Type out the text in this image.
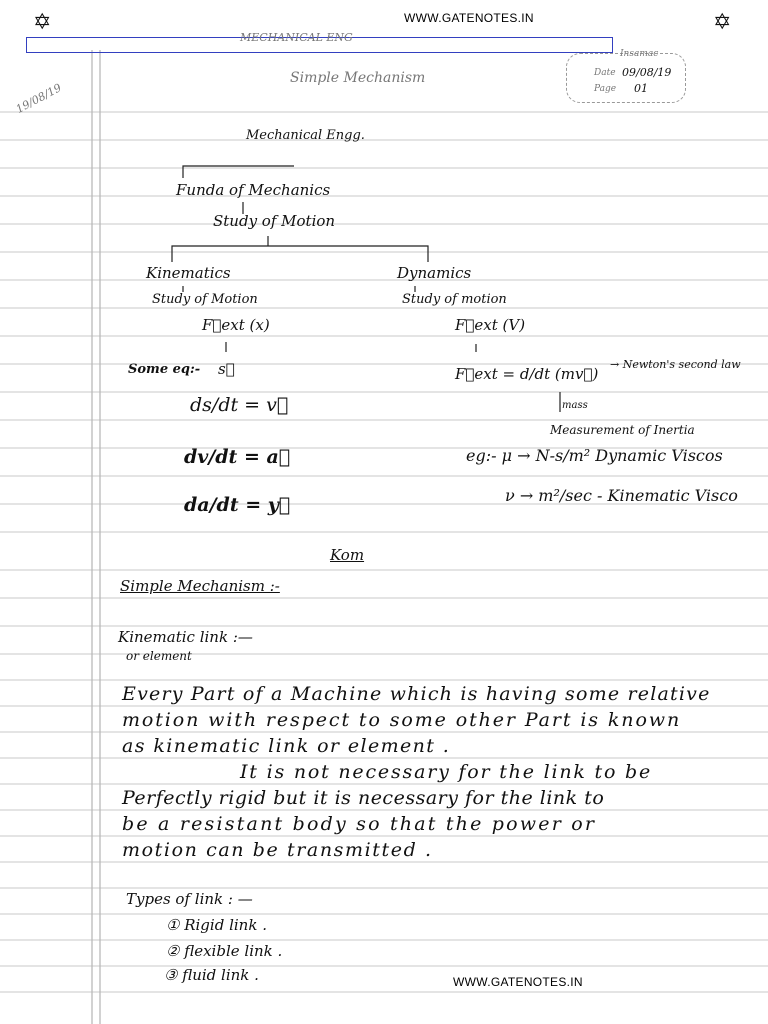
✡	✡
WWW.GATENOTES.IN
MECHANICAL ENG
Simple Mechanism
19/08/19
Insamac
Date 09/08/19
Page 01
Mechanical Engg.
Funda of Mechanics
Study of Motion
Kinematics	Dynamics
Study of Motion	Study of motion
F⃗ext (x)	F⃗ext (V)
Some eq:- s⃗
ds/dt = v⃗
dv/dt = a⃗
da/dt = y⃗
F⃗ext = d/dt (mv⃗)
→ Newton's second law
mass
Measurement of Inertia
eg:- μ → N-s/m² Dynamic Viscos
ν → m²/sec - Kinematic Visco
Kom
Simple Mechanism :-
Kinematic link :—
or element
Every Part of a Machine which is having some relative
motion with respect to some other Part is known
as kinematic link or element .
It is not necessary for the link to be
Perfectly rigid but it is necessary for the link to
be a resistant body so that the power or
motion can be transmitted .
Types of link : —
① Rigid link .
② flexible link .
③ fluid link .	WWW.GATENOTES.IN
